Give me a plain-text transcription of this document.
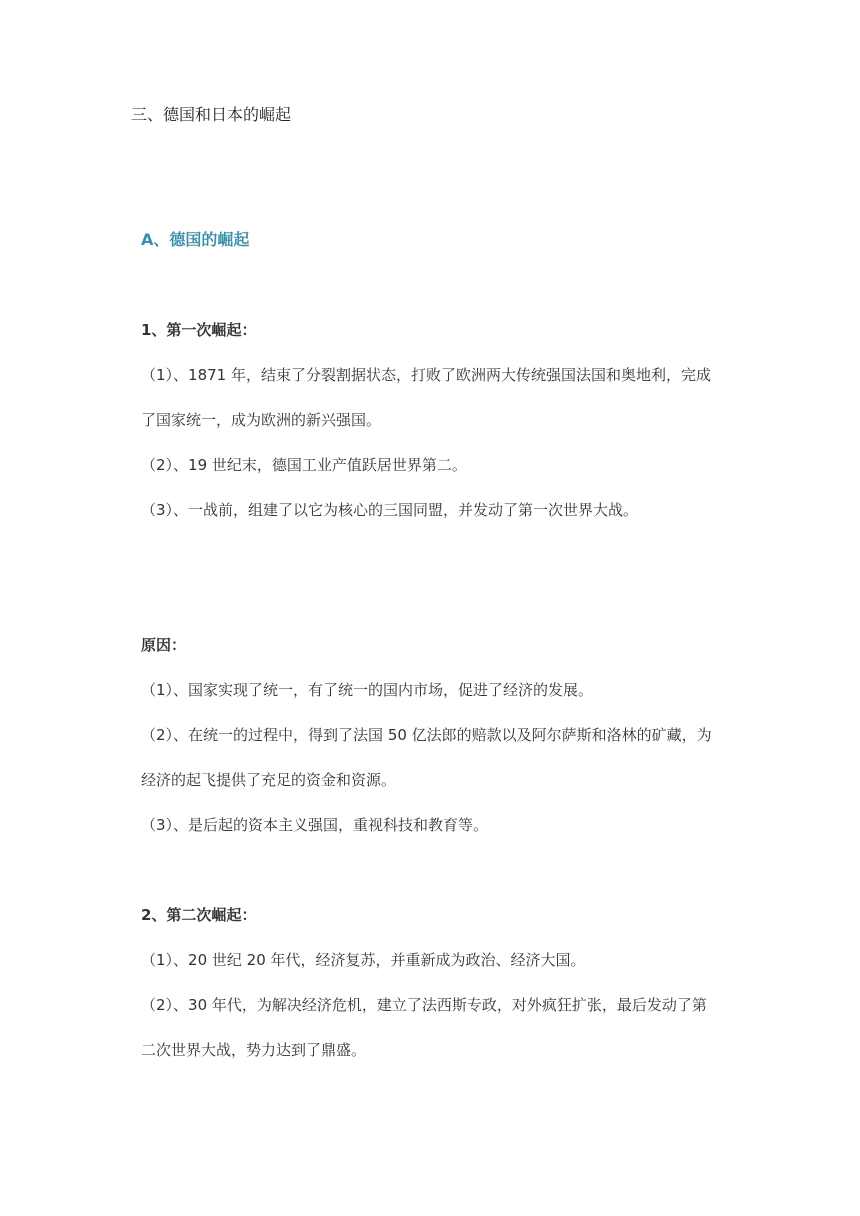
三、德国和日本的崛起
A、德国的崛起
1、第一次崛起：

（1）、1871 年，结束了分裂割据状态，打败了欧洲两大传统强国法国和奥地利，完成了国家统一，成为欧洲的新兴强国。

（2）、19 世纪末，德国工业产值跃居世界第二。

（3）、一战前，组建了以它为核心的三国同盟，并发动了第一次世界大战。

原因：

（1）、国家实现了统一，有了统一的国内市场，促进了经济的发展。

（2）、在统一的过程中，得到了法国 50 亿法郎的赔款以及阿尔萨斯和洛林的矿藏，为经济的起飞提供了充足的资金和资源。

（3）、是后起的资本主义强国，重视科技和教育等。

2、第二次崛起：

（1）、20 世纪 20 年代，经济复苏，并重新成为政治、经济大国。

（2）、30 年代，为解决经济危机，建立了法西斯专政，对外疯狂扩张，最后发动了第二次世界大战，势力达到了鼎盛。
